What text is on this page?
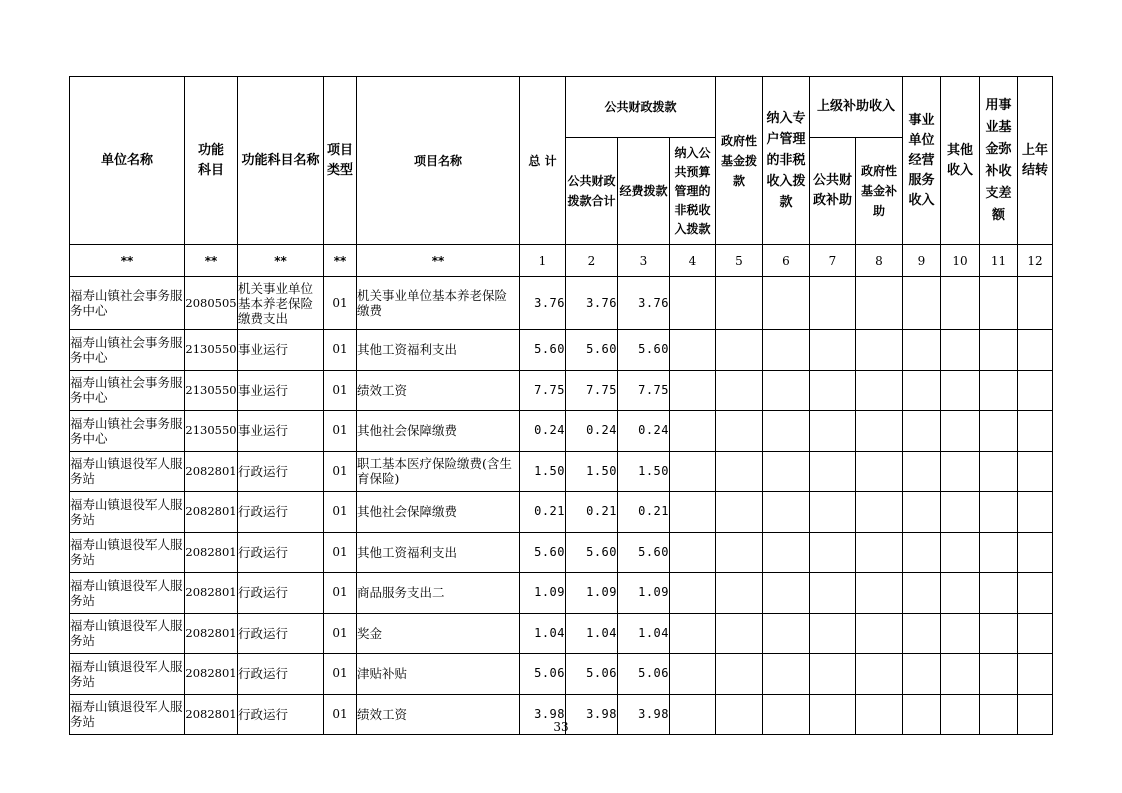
单位名称	功能科目	功能科目名称	项目类型	项目名称	总 计	公共财政拨款			政府性基金拨款	纳入专户管理的非税收入拨款	上级补助收入		事业单位经营服务收入	其他收入	用事业基金弥补收支差额	上年结转
						公共财政拨款合计	经费拨款	纳入公共预算管理的非税收入拨款			公共财政补助	政府性基金补助				
**	**	**	**	**	1	2	3	4	5	6	7	8	9	10	11	12
福寿山镇社会事务服务中心	2080505	机关事业单位基本养老保险缴费支出	01	机关事业单位基本养老保险缴费	3.76	3.76	3.76									
福寿山镇社会事务服务中心	2130550	事业运行	01	其他工资福利支出	5.60	5.60	5.60									
福寿山镇社会事务服务中心	2130550	事业运行	01	绩效工资	7.75	7.75	7.75									
福寿山镇社会事务服务中心	2130550	事业运行	01	其他社会保障缴费	0.24	0.24	0.24									
福寿山镇退役军人服务站	2082801	行政运行	01	职工基本医疗保险缴费(含生育保险)	1.50	1.50	1.50									
福寿山镇退役军人服务站	2082801	行政运行	01	其他社会保障缴费	0.21	0.21	0.21									
福寿山镇退役军人服务站	2082801	行政运行	01	其他工资福利支出	5.60	5.60	5.60									
福寿山镇退役军人服务站	2082801	行政运行	01	商品服务支出二	1.09	1.09	1.09									
福寿山镇退役军人服务站	2082801	行政运行	01	奖金	1.04	1.04	1.04									
福寿山镇退役军人服务站	2082801	行政运行	01	津贴补贴	5.06	5.06	5.06									
福寿山镇退役军人服务站	2082801	行政运行	01	绩效工资	3.98	3.98	3.98									
33
